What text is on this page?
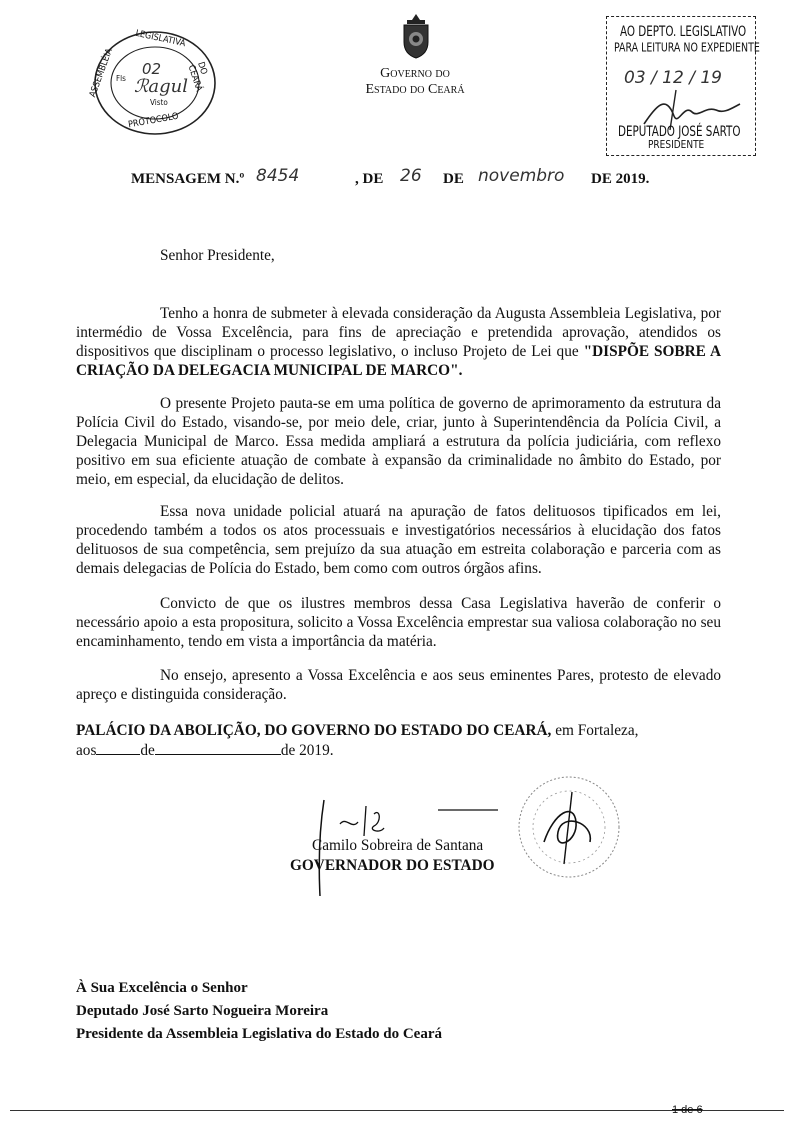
LEGISLATIVA
ASSEMBLÉIA	DO CEARÁ
PROTOCOLO
Fls
02
ℛagul
Visto
Governo do
Estado do Ceará
AO DEPTO. LEGISLATIVO
PARA LEITURA NO EXPEDIENTE
03 / 12 / 19
DEPUTADO JOSÉ SARTO
PRESIDENTE
MENSAGEM N.º 8454	, DE 26 DE novembro DE 2019.
Senhor Presidente,
Tenho a honra de submeter à elevada consideração da Augusta Assembleia Legislativa, por intermédio de Vossa Excelência, para fins de apreciação e pretendida aprovação, atendidos os dispositivos que disciplinam o processo legislativo, o incluso Projeto de Lei que "DISPÕE SOBRE A CRIAÇÃO DA DELEGACIA MUNICIPAL DE MARCO".
O presente Projeto pauta-se em uma política de governo de aprimoramento da estrutura da Polícia Civil do Estado, visando-se, por meio dele, criar, junto à Superintendência da Polícia Civil, a Delegacia Municipal de Marco. Essa medida ampliará a estrutura da polícia judiciária, com reflexo positivo em sua eficiente atuação de combate à expansão da criminalidade no âmbito do Estado, por meio, em especial, da elucidação de delitos.
Essa nova unidade policial atuará na apuração de fatos delituosos tipificados em lei, procedendo também a todos os atos processuais e investigatórios necessários à elucidação dos fatos delituosos de sua competência, sem prejuízo da sua atuação em estreita colaboração e parceria com as demais delegacias de Polícia do Estado, bem como com outros órgãos afins.
Convicto de que os ilustres membros dessa Casa Legislativa haverão de conferir o necessário apoio a esta propositura, solicito a Vossa Excelência emprestar sua valiosa colaboração no seu encaminhamento, tendo em vista a importância da matéria.
No ensejo, apresento a Vossa Excelência e aos seus eminentes Pares, protesto de elevado apreço e distinguida consideração.
PALÁCIO DA ABOLIÇÃO, DO GOVERNO DO ESTADO DO CEARÁ, em Fortaleza,
aos	de	de 2019.
Camilo Sobreira de Santana
GOVERNADOR DO ESTADO
À Sua Excelência o Senhor
Deputado José Sarto Nogueira Moreira
Presidente da Assembleia Legislativa do Estado do Ceará
1 de 6
